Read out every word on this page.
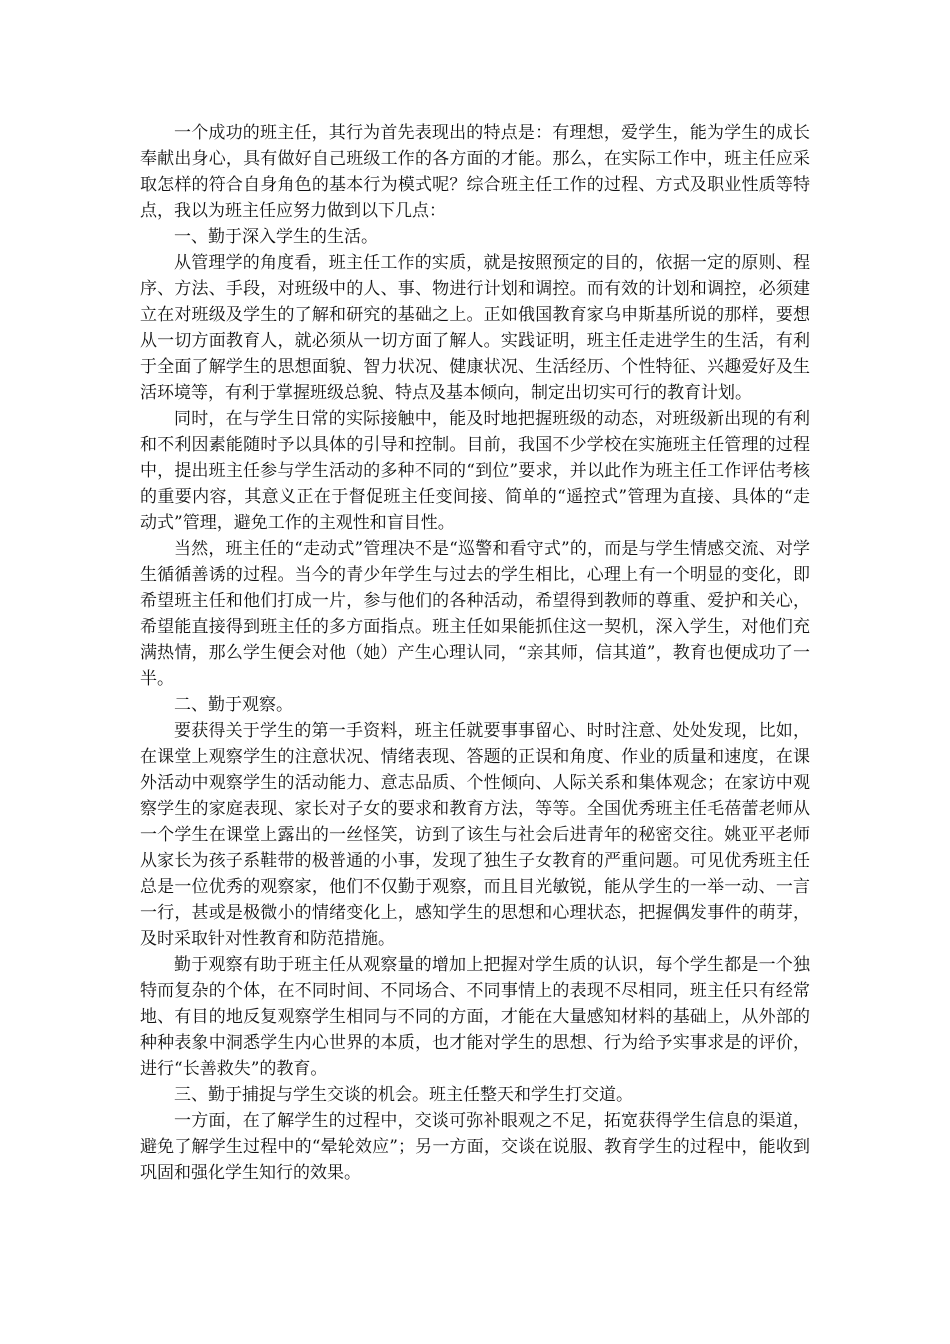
一个成功的班主任，其行为首先表现出的特点是：有理想，爱学生，能为学生的成长奉献出身心，具有做好自己班级工作的各方面的才能。那么，在实际工作中，班主任应采取怎样的符合自身角色的基本行为模式呢？综合班主任工作的过程、方式及职业性质等特点，我以为班主任应努力做到以下几点：

一、勤于深入学生的生活。

从管理学的角度看，班主任工作的实质，就是按照预定的目的，依据一定的原则、程序、方法、手段，对班级中的人、事、物进行计划和调控。而有效的计划和调控，必须建立在对班级及学生的了解和研究的基础之上。正如俄国教育家乌申斯基所说的那样，要想从一切方面教育人，就必须从一切方面了解人。实践证明，班主任走进学生的生活，有利于全面了解学生的思想面貌、智力状况、健康状况、生活经历、个性特征、兴趣爱好及生活环境等，有利于掌握班级总貌、特点及基本倾向，制定出切实可行的教育计划。

同时，在与学生日常的实际接触中，能及时地把握班级的动态，对班级新出现的有利和不利因素能随时予以具体的引导和控制。目前，我国不少学校在实施班主任管理的过程中，提出班主任参与学生活动的多种不同的“到位”要求，并以此作为班主任工作评估考核的重要内容，其意义正在于督促班主任变间接、简单的“遥控式”管理为直接、具体的“走动式”管理，避免工作的主观性和盲目性。

当然，班主任的“走动式”管理决不是“巡警和看守式”的，而是与学生情感交流、对学生循循善诱的过程。当今的青少年学生与过去的学生相比，心理上有一个明显的变化，即希望班主任和他们打成一片，参与他们的各种活动，希望得到教师的尊重、爱护和关心，希望能直接得到班主任的多方面指点。班主任如果能抓住这一契机，深入学生，对他们充满热情，那么学生便会对他（她）产生心理认同，“亲其师，信其道”，教育也便成功了一半。

二、勤于观察。

要获得关于学生的第一手资料，班主任就要事事留心、时时注意、处处发现，比如，在课堂上观察学生的注意状况、情绪表现、答题的正误和角度、作业的质量和速度，在课外活动中观察学生的活动能力、意志品质、个性倾向、人际关系和集体观念；在家访中观察学生的家庭表现、家长对子女的要求和教育方法，等等。全国优秀班主任毛蓓蕾老师从一个学生在课堂上露出的一丝怪笑，访到了该生与社会后进青年的秘密交往。姚亚平老师从家长为孩子系鞋带的极普通的小事，发现了独生子女教育的严重问题。可见优秀班主任总是一位优秀的观察家，他们不仅勤于观察，而且目光敏锐，能从学生的一举一动、一言一行，甚或是极微小的情绪变化上，感知学生的思想和心理状态，把握偶发事件的萌芽，及时采取针对性教育和防范措施。

勤于观察有助于班主任从观察量的增加上把握对学生质的认识，每个学生都是一个独特而复杂的个体，在不同时间、不同场合、不同事情上的表现不尽相同，班主任只有经常地、有目的地反复观察学生相同与不同的方面，才能在大量感知材料的基础上，从外部的种种表象中洞悉学生内心世界的本质，也才能对学生的思想、行为给予实事求是的评价，进行“长善救失”的教育。

三、勤于捕捉与学生交谈的机会。班主任整天和学生打交道。

一方面，在了解学生的过程中，交谈可弥补眼观之不足，拓宽获得学生信息的渠道，避免了解学生过程中的“晕轮效应”；另一方面，交谈在说服、教育学生的过程中，能收到巩固和强化学生知行的效果。
